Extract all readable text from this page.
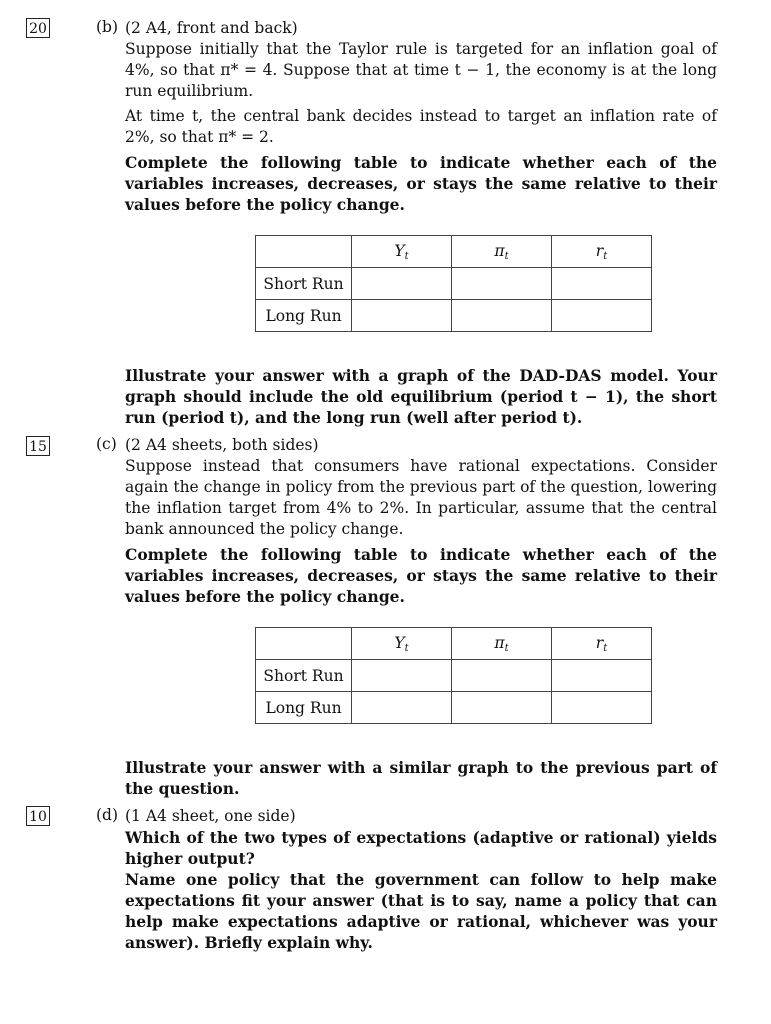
20	(b) (2 A4, front and back)

Suppose initially that the Taylor rule is targeted for an inflation goal of 4%, so that π* = 4. Suppose that at time t − 1, the economy is at the long run equilibrium.

At time t, the central bank decides instead to target an inflation rate of 2%, so that π* = 2.

Complete the following table to indicate whether each of the variables increases, decreases, or stays the same relative to their values before the policy change.

	$Y_t$	$\pi_t$	$r_t$
Short Run			
Long Run			

Illustrate your answer with a graph of the DAD-DAS model. Your graph should include the old equilibrium (period t − 1), the short run (period t), and the long run (well after period t).

15	(c) (2 A4 sheets, both sides)

Suppose instead that consumers have rational expectations. Consider again the change in policy from the previous part of the question, lowering the inflation target from 4% to 2%. In particular, assume that the central bank announced the policy change.

Complete the following table to indicate whether each of the variables increases, decreases, or stays the same relative to their values before the policy change.

	$Y_t$	$\pi_t$	$r_t$
Short Run			
Long Run			

Illustrate your answer with a similar graph to the previous part of the question.

10	(d) (1 A4 sheet, one side)

Which of the two types of expectations (adaptive or rational) yields higher output?

Name one policy that the government can follow to help make expectations fit your answer (that is to say, name a policy that can help make expectations adaptive or rational, whichever was your answer). Briefly explain why.
